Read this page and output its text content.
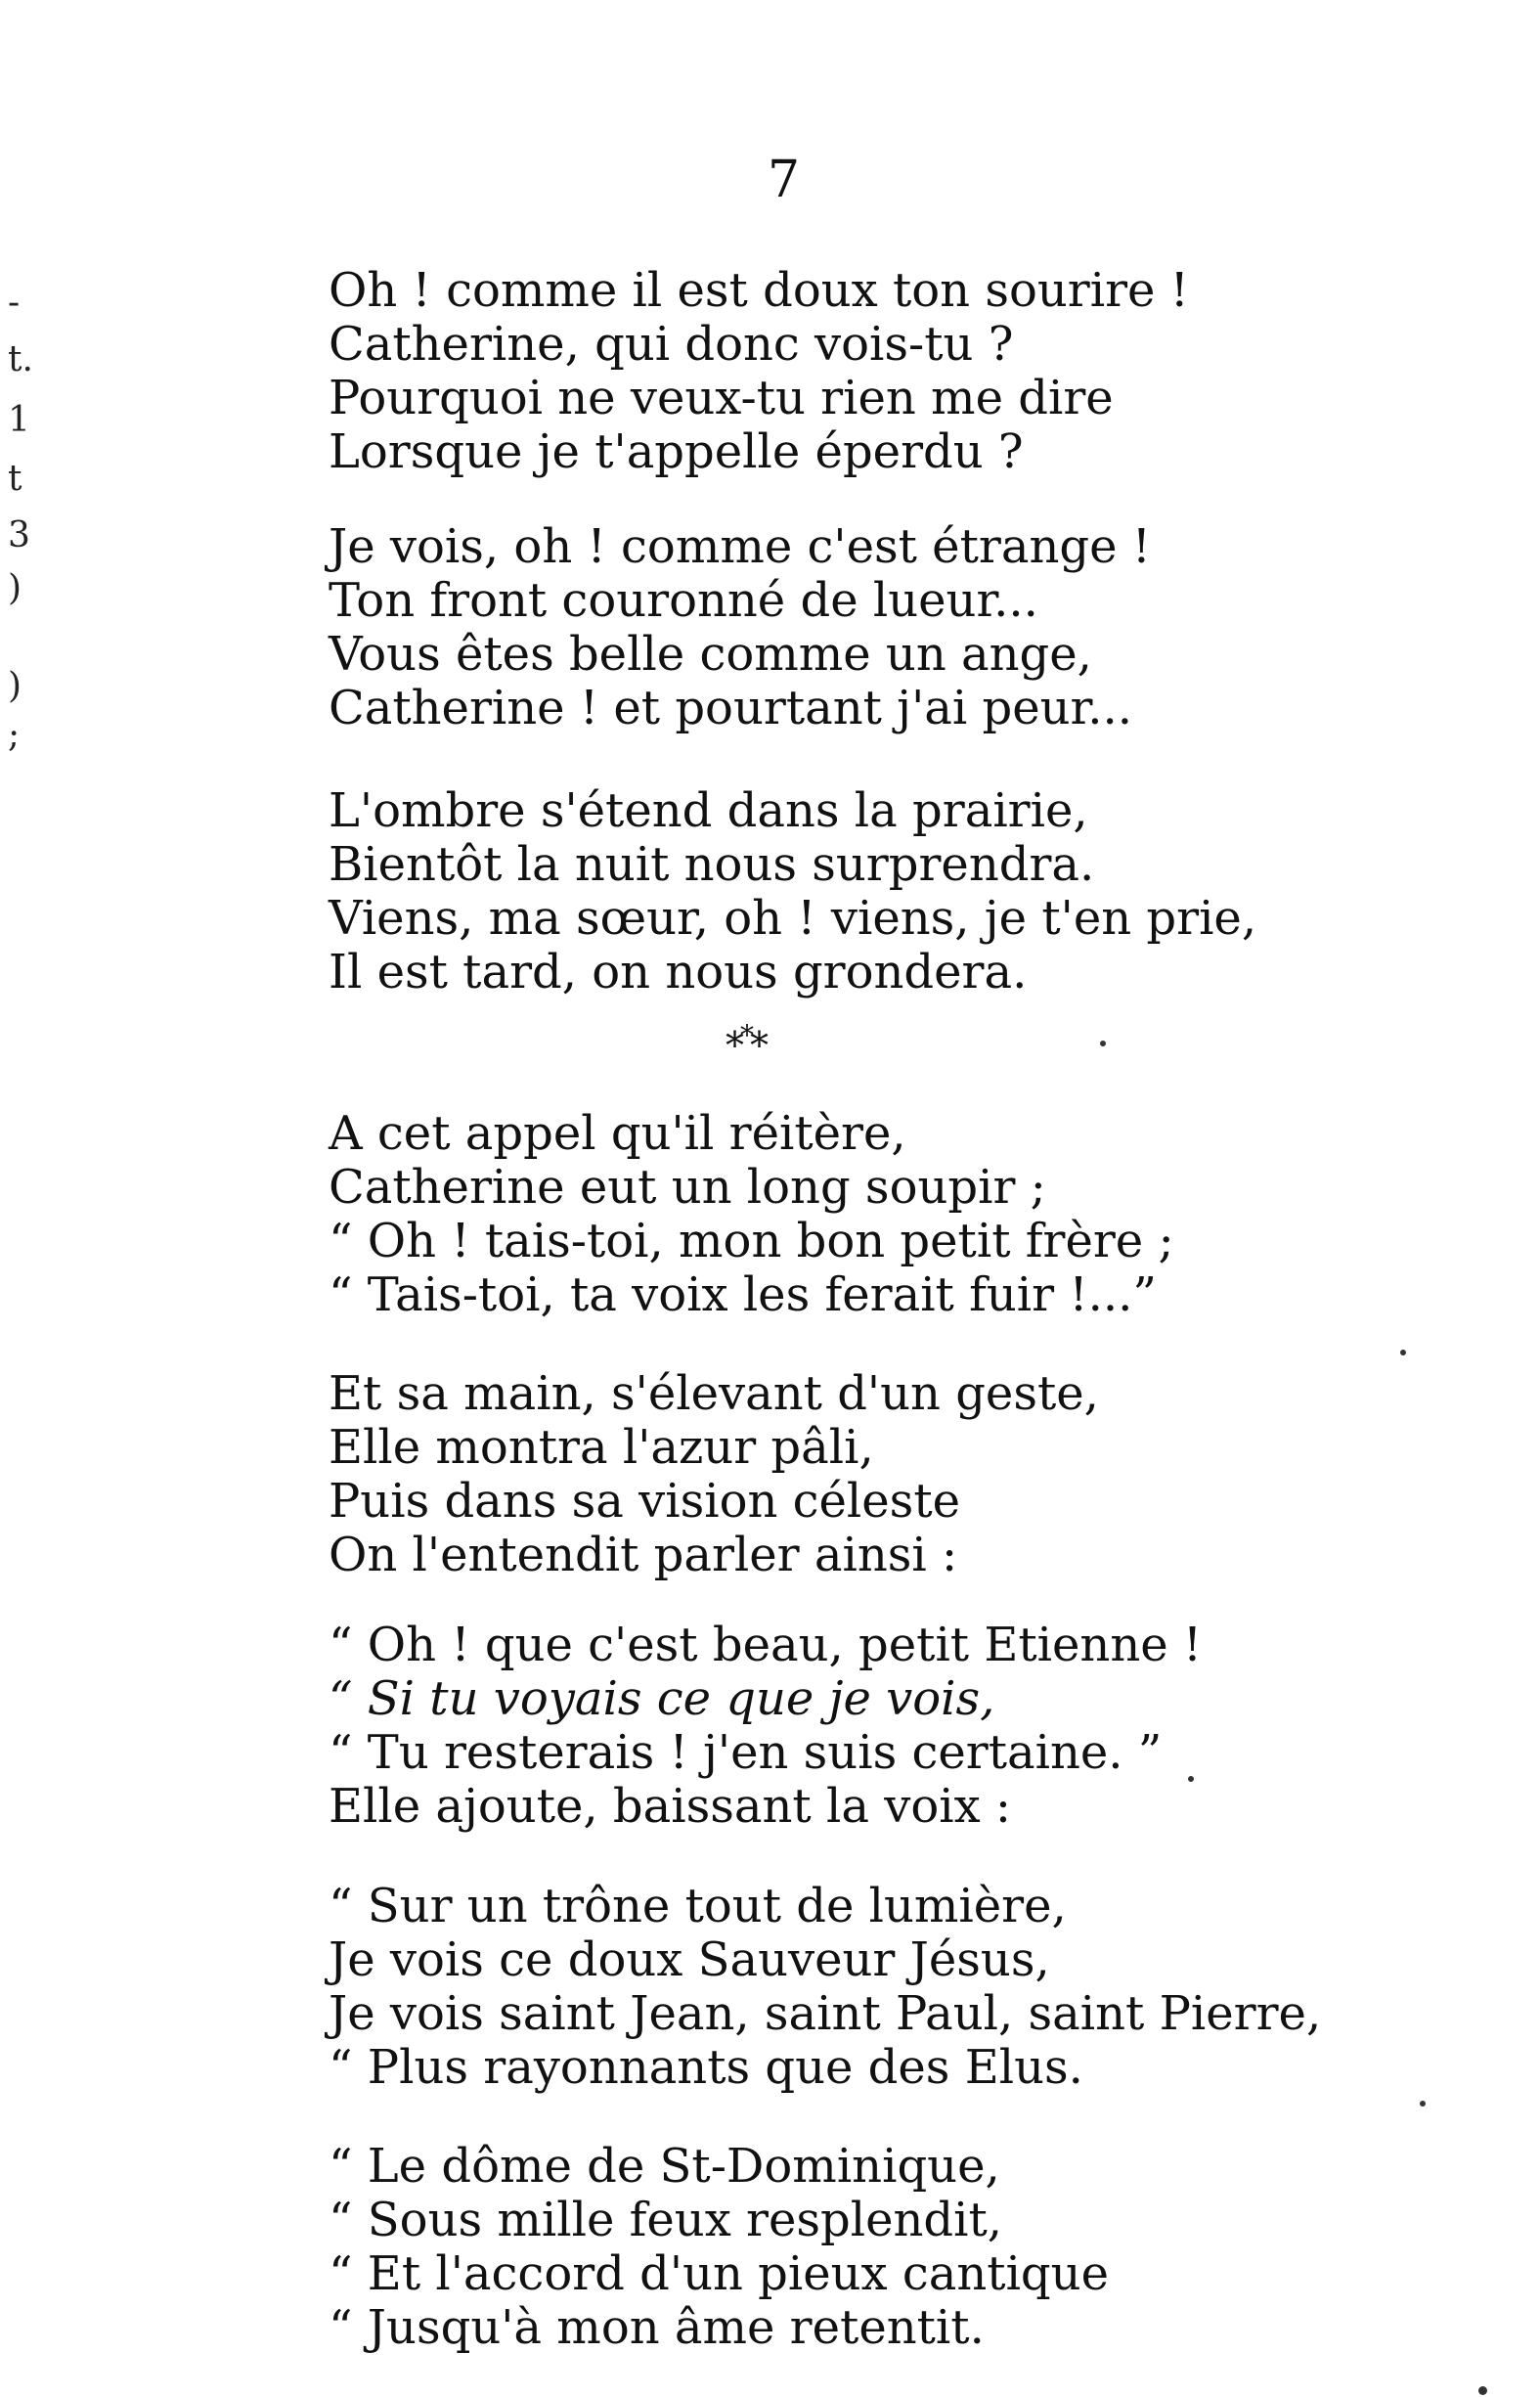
7
-
t.
1
t
3
)
)
;
Oh ! comme il est doux ton sourire !
Catherine, qui donc vois-tu ?
Pourquoi ne veux-tu rien me dire
Lorsque je t'appelle éperdu ?
Je vois, oh ! comme c'est étrange !
Ton front couronné de lueur...
Vous êtes belle comme un ange,
Catherine ! et pourtant j'ai peur...
L'ombre s'étend dans la prairie,
Bientôt la nuit nous surprendra.
Viens, ma sœur, oh ! viens, je t'en prie,
Il est tard, on nous grondera.
A cet appel qu'il réitère,
Catherine eut un long soupir ;
“ Oh ! tais-toi, mon bon petit frère ;
“ Tais-toi, ta voix les ferait fuir !...”
Et sa main, s'élevant d'un geste,
Elle montra l'azur pâli,
Puis dans sa vision céleste
On l'entendit parler ainsi :
“ Oh ! que c'est beau, petit Etienne !
“ Si tu voyais ce que je vois,
“ Tu resterais ! j'en suis certaine. ”
Elle ajoute, baissant la voix :
“ Sur un trône tout de lumière,
Je vois ce doux Sauveur Jésus,
Je vois saint Jean, saint Paul, saint Pierre,
“ Plus rayonnants que des Elus.
“ Le dôme de St-Dominique,
“ Sous mille feux resplendit,
“ Et l'accord d'un pieux cantique
“ Jusqu'à mon âme retentit.
***
